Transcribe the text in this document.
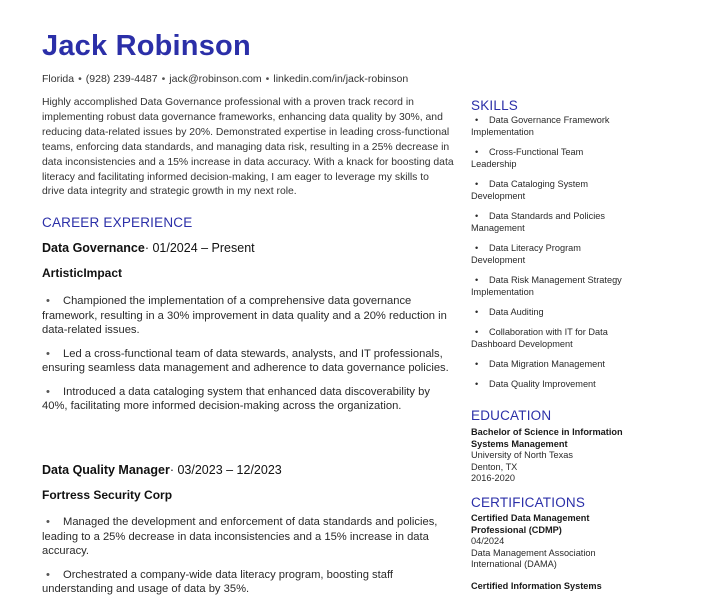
Jack Robinson
Florida • (928) 239-4487 • jack@robinson.com • linkedin.com/in/jack-robinson
Highly accomplished Data Governance professional with a proven track record in implementing robust data governance frameworks, enhancing data quality by 30%, and reducing data-related issues by 20%. Demonstrated expertise in leading cross-functional teams, enforcing data standards, and managing data risk, resulting in a 25% decrease in data inconsistencies and a 15% increase in data accuracy. With a knack for boosting data literacy and facilitating informed decision-making, I am eager to leverage my skills to drive data integrity and strategic growth in my next role.
CAREER EXPERIENCE
Data Governance· 01/2024 – Present
ArtisticImpact
• Championed the implementation of a comprehensive data governance framework, resulting in a 30% improvement in data quality and a 20% reduction in data-related issues.
• Led a cross-functional team of data stewards, analysts, and IT professionals, ensuring seamless data management and adherence to data governance policies.
• Introduced a data cataloging system that enhanced data discoverability by 40%, facilitating more informed decision-making across the organization.
Data Quality Manager· 03/2023 – 12/2023
Fortress Security Corp
• Managed the development and enforcement of data standards and policies, leading to a 25% decrease in data inconsistencies and a 15% increase in data accuracy.
• Orchestrated a company-wide data literacy program, boosting staff understanding and usage of data by 35%.
SKILLS
• Data Governance Framework Implementation
• Cross-Functional Team Leadership
• Data Cataloging System Development
• Data Standards and Policies Management
• Data Literacy Program Development
• Data Risk Management Strategy Implementation
• Data Auditing
• Collaboration with IT for Data Dashboard Development
• Data Migration Management
• Data Quality Improvement
EDUCATION
Bachelor of Science in Information Systems Management
University of North Texas
Denton, TX
2016-2020
CERTIFICATIONS
Certified Data Management Professional (CDMP)
04/2024
Data Management Association International (DAMA)
Certified Information Systems
